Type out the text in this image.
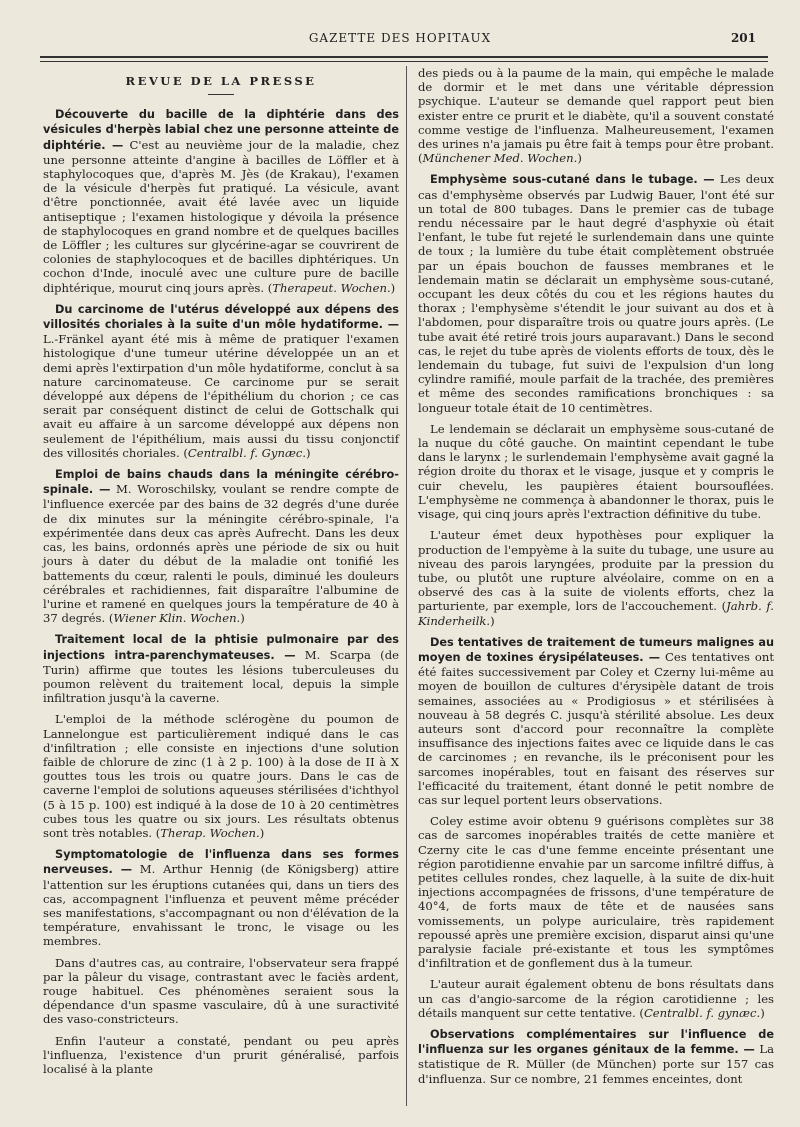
GAZETTE DES HOPITAUX	201
REVUE DE LA PRESSE

Découverte du bacille de la diphtérie dans des vésicules d'herpès labial chez une personne atteinte de diphtérie. — C'est au neuvième jour de la maladie, chez une personne atteinte d'angine à bacilles de Löffler et à staphylocoques que, d'après M. Jès (de Krakau), l'examen de la vésicule d'herpès fut pratiqué. La vésicule, avant d'être ponctionnée, avait été lavée avec un liquide antiseptique ; l'examen histologique y dévoila la présence de staphylocoques en grand nombre et de quelques bacilles de Löffler ; les cultures sur glycérine-agar se couvrirent de colonies de staphylocoques et de bacilles diphtériques. Un cochon d'Inde, inoculé avec une culture pure de bacille diphtérique, mourut cinq jours après. (Therapeut. Wochen.)

Du carcinome de l'utérus développé aux dépens des villosités choriales à la suite d'un môle hydatiforme. — L.-Fränkel ayant été mis à même de pratiquer l'examen histologique d'une tumeur utérine développée un an et demi après l'extirpation d'un môle hydatiforme, conclut à sa nature carcinomateuse. Ce carcinome pur se serait développé aux dépens de l'épithélium du chorion ; ce cas serait par conséquent distinct de celui de Gottschalk qui avait eu affaire à un sarcome développé aux dépens non seulement de l'épithélium, mais aussi du tissu conjonctif des villosités choriales. (Centralbl. f. Gynæc.)

Emploi de bains chauds dans la méningite cérébro-spinale. — M. Woroschilsky, voulant se rendre compte de l'influence exercée par des bains de 32 degrés d'une durée de dix minutes sur la méningite cérébro-spinale, l'a expérimentée dans deux cas après Aufrecht. Dans les deux cas, les bains, ordonnés après une période de six ou huit jours à dater du début de la maladie ont tonifié les battements du cœur, ralenti le pouls, diminué les douleurs cérébrales et rachidiennes, fait disparaître l'albumine de l'urine et ramené en quelques jours la température de 40 à 37 degrés. (Wiener Klin. Wochen.)

Traitement local de la phtisie pulmonaire par des injections intra-parenchymateuses. — M. Scarpa (de Turin) affirme que toutes les lésions tuberculeuses du poumon relèvent du traitement local, depuis la simple infiltration jusqu'à la caverne.

L'emploi de la méthode sclérogène du poumon de Lannelongue est particulièrement indiqué dans le cas d'infiltration ; elle consiste en injections d'une solution faible de chlorure de zinc (1 à 2 p. 100) à la dose de II à X gouttes tous les trois ou quatre jours. Dans le cas de caverne l'emploi de solutions aqueuses stérilisées d'ichthyol (5 à 15 p. 100) est indiqué à la dose de 10 à 20 centimètres cubes tous les quatre ou six jours. Les résultats obtenus sont très notables. (Therap. Wochen.)

Symptomatologie de l'influenza dans ses formes nerveuses. — M. Arthur Hennig (de Königsberg) attire l'attention sur les éruptions cutanées qui, dans un tiers des cas, accompagnent l'influenza et peuvent même précéder ses manifestations, s'accompagnant ou non d'élévation de la température, envahissant le tronc, le visage ou les membres.

Dans d'autres cas, au contraire, l'observateur sera frappé par la pâleur du visage, contrastant avec le faciès ardent, rouge habituel. Ces phénomènes seraient sous la dépendance d'un spasme vasculaire, dû à une suractivité des vaso-constricteurs.

Enfin l'auteur a constaté, pendant ou peu après l'influenza, l'existence d'un prurit généralisé, parfois localisé à la plante

des pieds ou à la paume de la main, qui empêche le malade de dormir et le met dans une véritable dépression psychique. L'auteur se demande quel rapport peut bien exister entre ce prurit et le diabète, qu'il a souvent constaté comme vestige de l'influenza. Malheureusement, l'examen des urines n'a jamais pu être fait à temps pour être probant. (Münchener Med. Wochen.)

Emphysème sous-cutané dans le tubage. — Les deux cas d'emphysème observés par Ludwig Bauer, l'ont été sur un total de 800 tubages. Dans le premier cas de tubage rendu nécessaire par le haut degré d'asphyxie où était l'enfant, le tube fut rejeté le surlendemain dans une quinte de toux ; la lumière du tube était complètement obstruée par un épais bouchon de fausses membranes et le lendemain matin se déclarait un emphysème sous-cutané, occupant les deux côtés du cou et les régions hautes du thorax ; l'emphysème s'étendit le jour suivant au dos et à l'abdomen, pour disparaître trois ou quatre jours après. (Le tube avait été retiré trois jours auparavant.) Dans le second cas, le rejet du tube après de violents efforts de toux, dès le lendemain du tubage, fut suivi de l'expulsion d'un long cylindre ramifié, moule parfait de la trachée, des premières et même des secondes ramifications bronchiques : sa longueur totale était de 10 centimètres.

Le lendemain se déclarait un emphysème sous-cutané de la nuque du côté gauche. On maintint cependant le tube dans le larynx ; le surlendemain l'emphysème avait gagné la région droite du thorax et le visage, jusque et y compris le cuir chevelu, les paupières étaient boursouflées. L'emphysème ne commença à abandonner le thorax, puis le visage, qui cinq jours après l'extraction définitive du tube.

L'auteur émet deux hypothèses pour expliquer la production de l'empyème à la suite du tubage, une usure au niveau des parois laryngées, produite par la pression du tube, ou plutôt une rupture alvéolaire, comme on en a observé des cas à la suite de violents efforts, chez la parturiente, par exemple, lors de l'accouchement. (Jahrb. f. Kinderheilk.)

Des tentatives de traitement de tumeurs malignes au moyen de toxines érysipélateuses. — Ces tentatives ont été faites successivement par Coley et Czerny lui-même au moyen de bouillon de cultures d'érysipèle datant de trois semaines, associées au « Prodigiosus » et stérilisées à nouveau à 58 degrés C. jusqu'à stérilité absolue. Les deux auteurs sont d'accord pour reconnaître la complète insuffisance des injections faites avec ce liquide dans le cas de carcinomes ; en revanche, ils le préconisent pour les sarcomes inopérables, tout en faisant des réserves sur l'efficacité du traitement, étant donné le petit nombre de cas sur lequel portent leurs observations.

Coley estime avoir obtenu 9 guérisons complètes sur 38 cas de sarcomes inopérables traités de cette manière et Czerny cite le cas d'une femme enceinte présentant une région parotidienne envahie par un sarcome infiltré diffus, à petites cellules rondes, chez laquelle, à la suite de dix-huit injections accompagnées de frissons, d'une température de 40°4, de forts maux de tête et de nausées sans vomissements, un polype auriculaire, très rapidement repoussé après une première excision, disparut ainsi qu'une paralysie faciale pré-existante et tous les symptômes d'infiltration et de gonflement dus à la tumeur.

L'auteur aurait également obtenu de bons résultats dans un cas d'angio-sarcome de la région carotidienne ; les détails manquent sur cette tentative. (Centralbl. f. gynæc.)

Observations complémentaires sur l'influence de l'influenza sur les organes génitaux de la femme. — La statistique de R. Müller (de München) porte sur 157 cas d'influenza. Sur ce nombre, 21 femmes enceintes, dont
